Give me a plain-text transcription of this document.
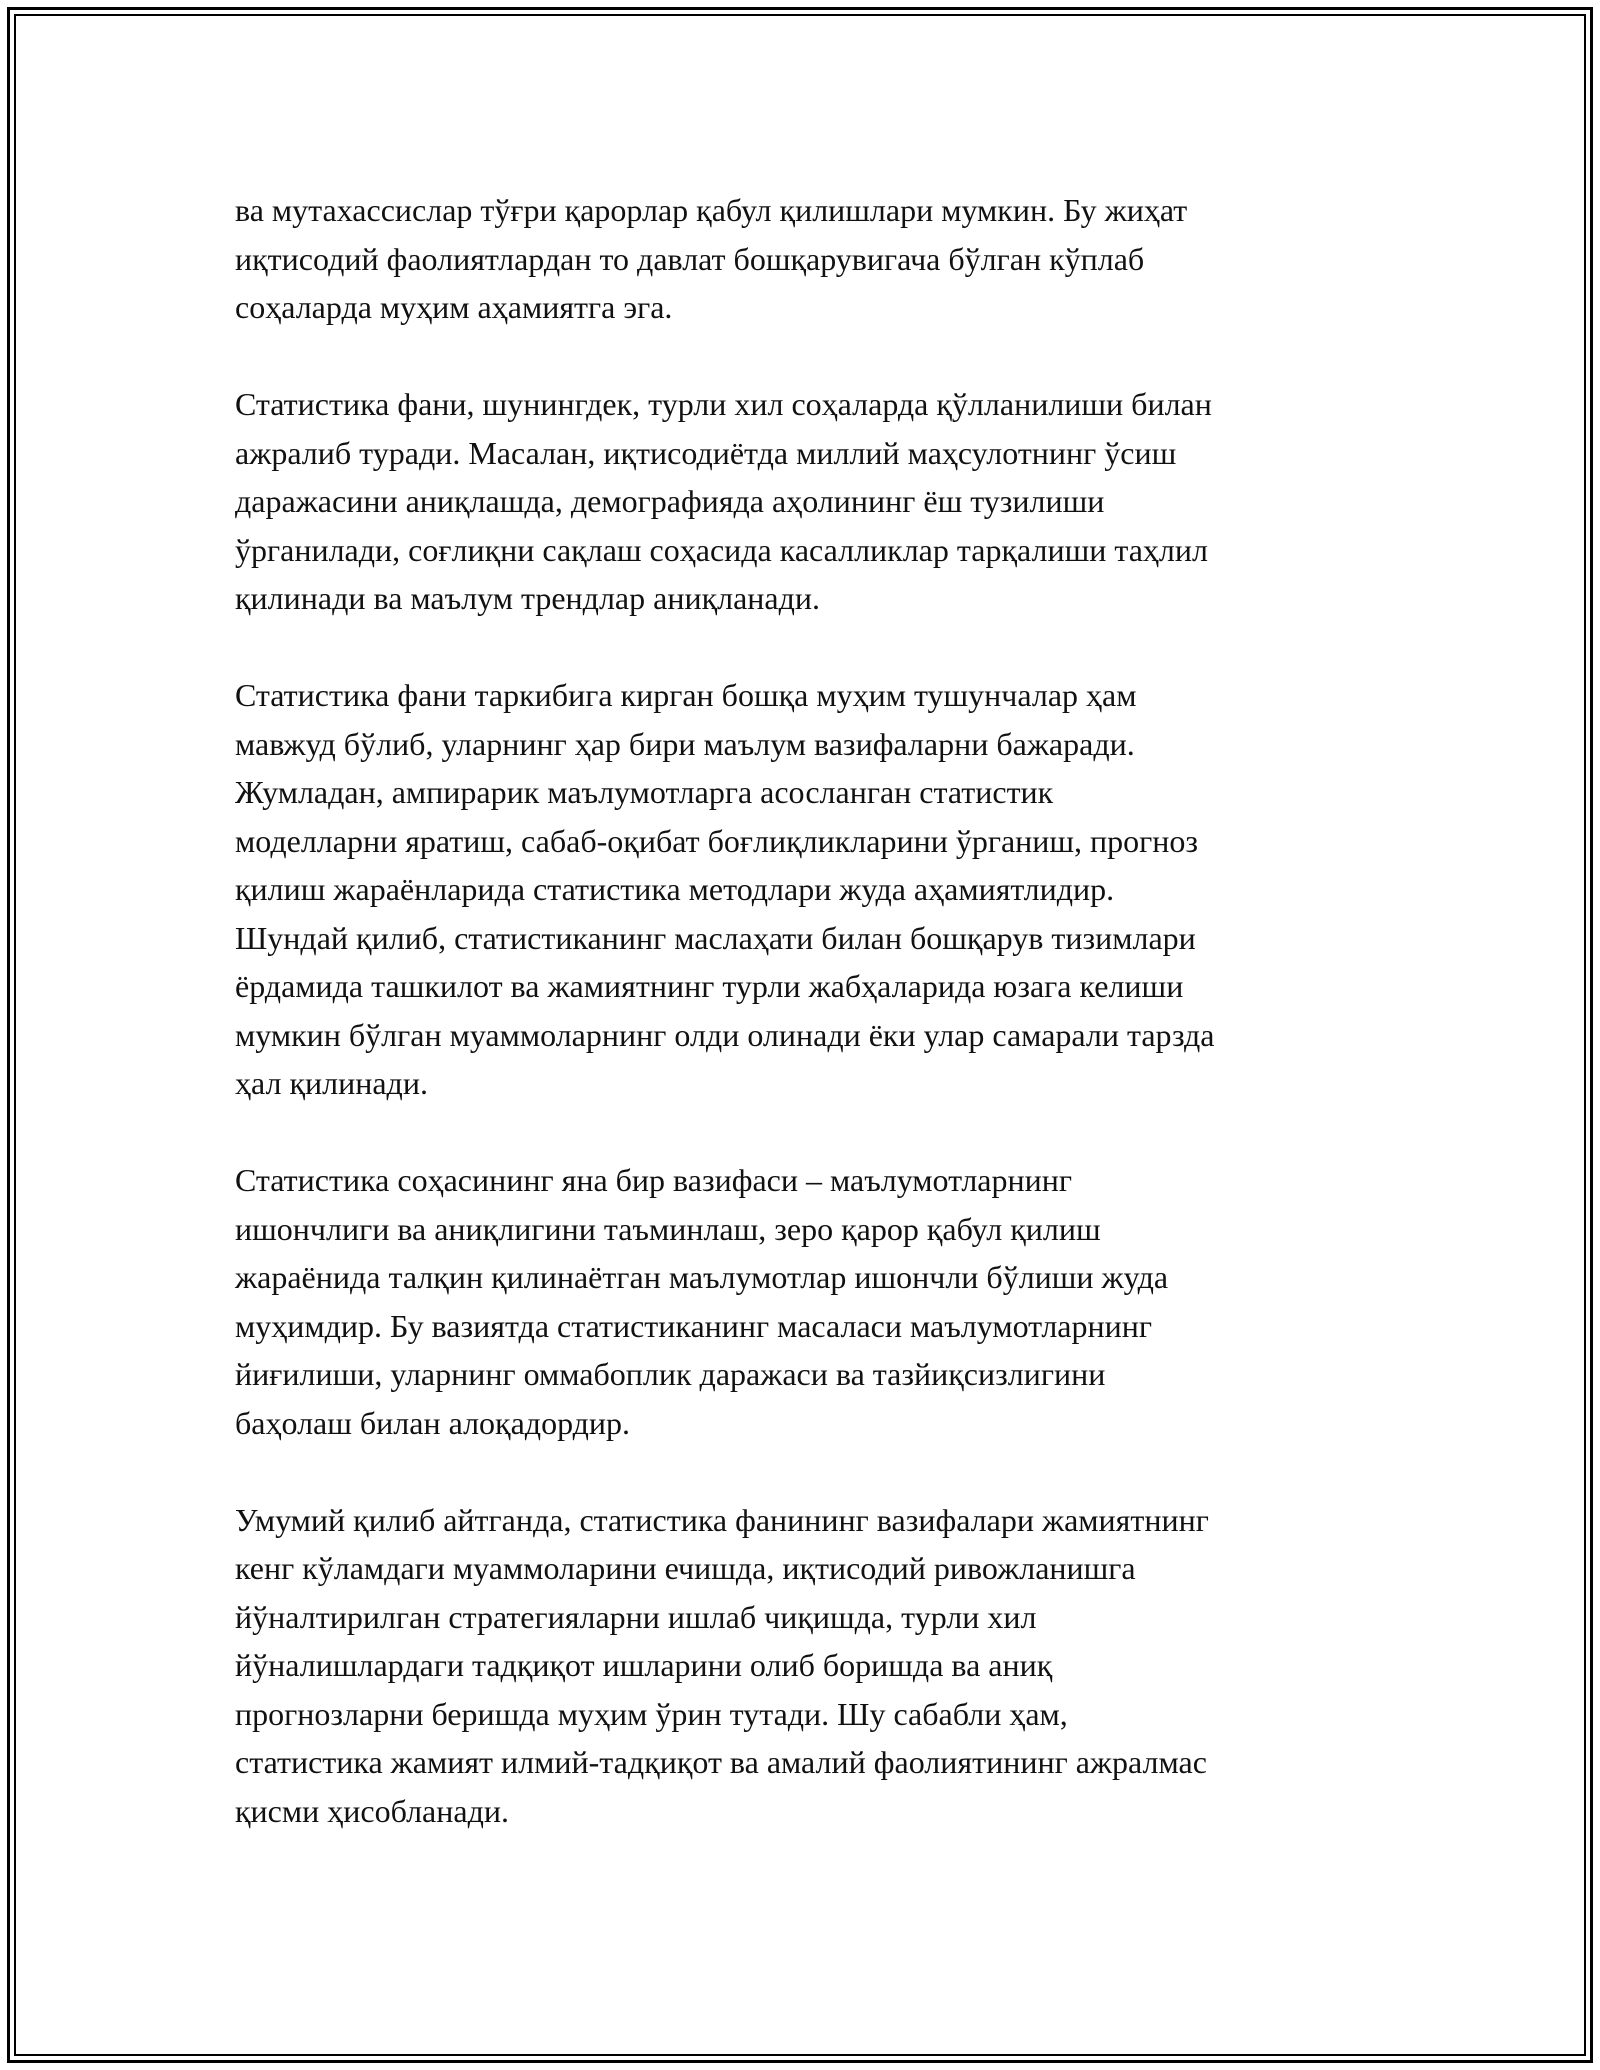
ва мутахассислар тўғри қарорлар қабул қилишлари мумкин. Бу жиҳат
иқтисодий фаолиятлардан то давлат бошқарувигача бўлган кўплаб
соҳаларда муҳим аҳамиятга эга.

Статистика фани, шунингдек, турли хил соҳаларда қўлланилиши билан
ажралиб туради. Масалан, иқтисодиётда миллий маҳсулотнинг ўсиш
даражасини аниқлашда, демографияда аҳолининг ёш тузилиши
ўрганилади, соғлиқни сақлаш соҳасида касалликлар тарқалиши таҳлил
қилинади ва маълум трендлар аниқланади.

Статистика фани таркибига кирган бошқа муҳим тушунчалар ҳам
мавжуд бўлиб, уларнинг ҳар бири маълум вазифаларни бажаради.
Жумладан, ампирарик маълумотларга асосланган статистик
моделларни яратиш, сабаб-оқибат боғлиқликларини ўрганиш, прогноз
қилиш жараёнларида статистика методлари жуда аҳамиятлидир.
Шундай қилиб, статистиканинг маслаҳати билан бошқарув тизимлари
ёрдамида ташкилот ва жамиятнинг турли жабҳаларида юзага келиши
мумкин бўлган муаммоларнинг олди олинади ёки улар самарали тарзда
ҳал қилинади.

Статистика соҳасининг яна бир вазифаси – маълумотларнинг
ишончлиги ва аниқлигини таъминлаш, зеро қарор қабул қилиш
жараёнида талқин қилинаётган маълумотлар ишончли бўлиши жуда
муҳимдир. Бу вазиятда статистиканинг масаласи маълумотларнинг
йиғилиши, уларнинг оммабоплик даражаси ва тазйиқсизлигини
баҳолаш билан алоқадордир.

Умумий қилиб айтганда, статистика фанининг вазифалари жамиятнинг
кенг кўламдаги муаммоларини ечишда, иқтисодий ривожланишга
йўналтирилган стратегияларни ишлаб чиқишда, турли хил
йўналишлардаги тадқиқот ишларини олиб боришда ва аниқ
прогнозларни беришда муҳим ўрин тутади. Шу сабабли ҳам,
статистика жамият илмий-тадқиқот ва амалий фаолиятининг ажралмас
қисми ҳисобланади.
